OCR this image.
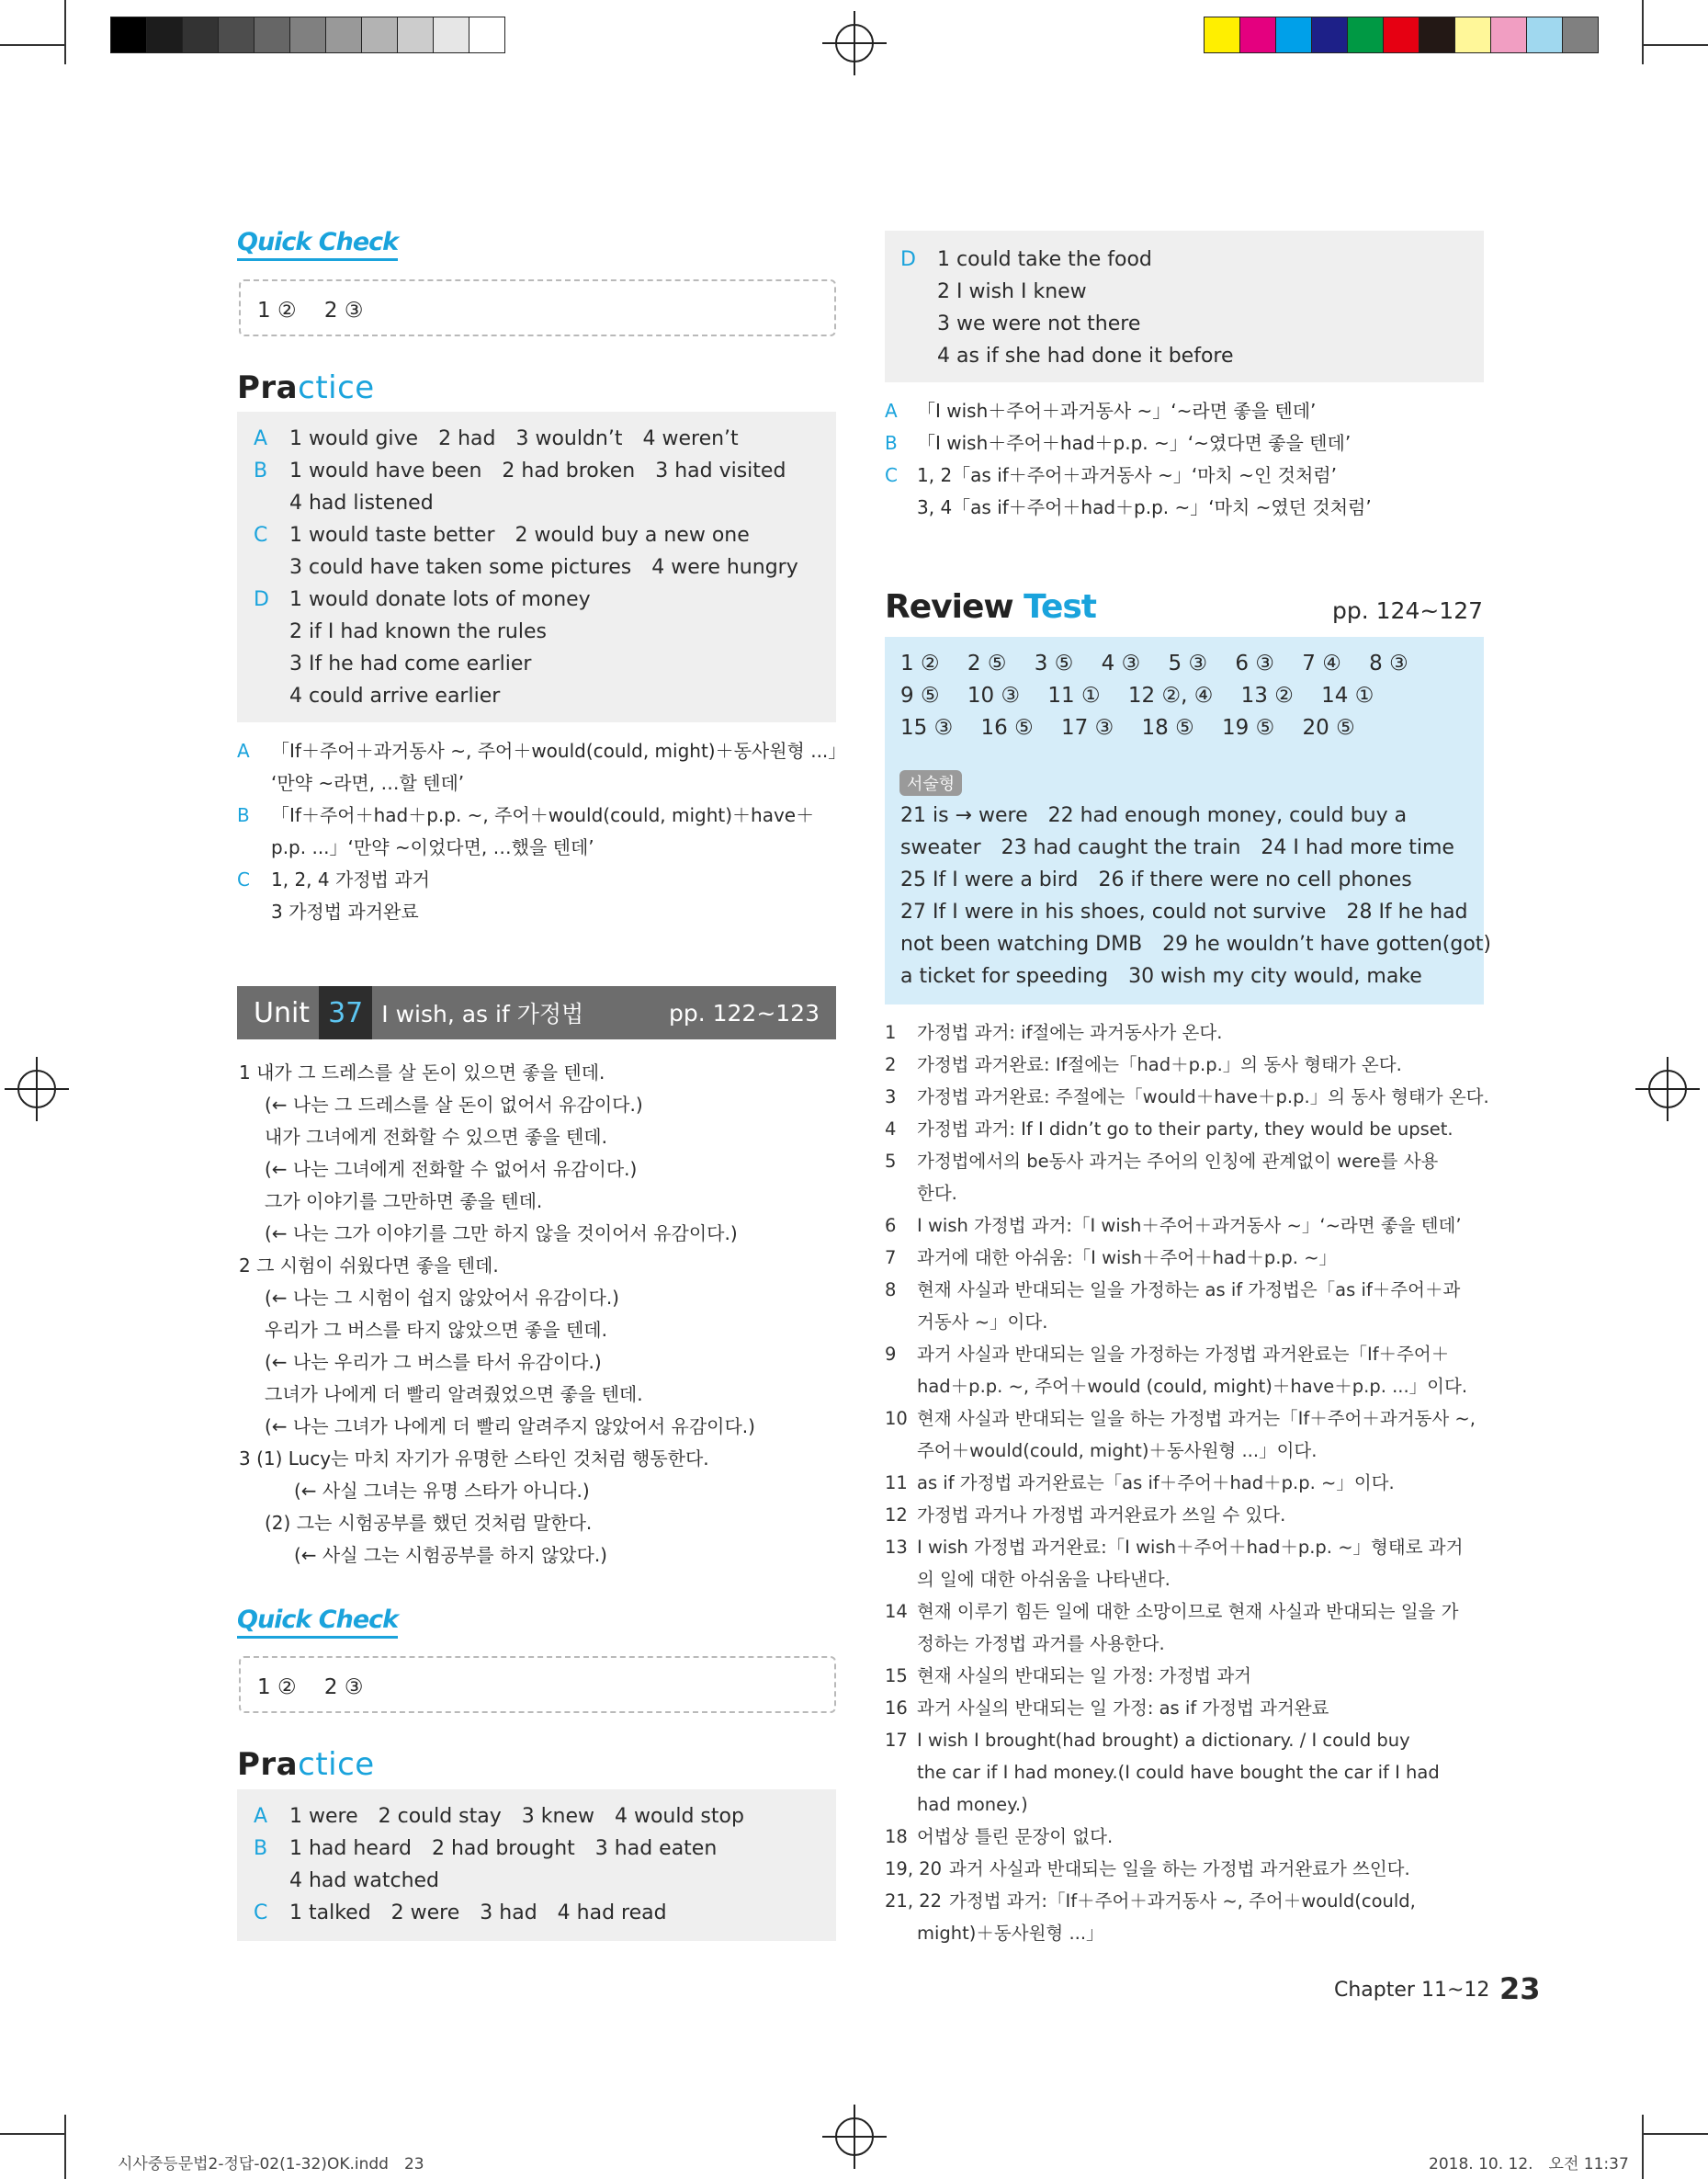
Quick Check
1 ②　 2 ③
Practice
A 1 would give　2 had　3 wouldn’t　4 weren’t
B 1 would have been　2 had broken　3 had visited
4 had listened
C 1 would taste better　2 would buy a new one
3 could have taken some pictures　4 were hungry
D 1 would donate lots of money
2 if I had known the rules
3 If he had come earlier
4 could arrive earlier
A 「If＋주어＋과거동사 ~, 주어＋would(could, might)＋동사원형 ...」
‘만약 ~라면, …할 텐데’
B 「If＋주어＋had＋p.p. ~, 주어＋would(could, might)＋have＋
p.p. ...」‘만약 ~이었다면, …했을 텐데’
C 1, 2, 4 가정법 과거
3 가정법 과거완료
Unit 37 I wish, as if 가정법	pp. 122~123
1 내가 그 드레스를 살 돈이 있으면 좋을 텐데.
(← 나는 그 드레스를 살 돈이 없어서 유감이다.)
내가 그녀에게 전화할 수 있으면 좋을 텐데.
(← 나는 그녀에게 전화할 수 없어서 유감이다.)
그가 이야기를 그만하면 좋을 텐데.
(← 나는 그가 이야기를 그만 하지 않을 것이어서 유감이다.)
2 그 시험이 쉬웠다면 좋을 텐데.
(← 나는 그 시험이 쉽지 않았어서 유감이다.)
우리가 그 버스를 타지 않았으면 좋을 텐데.
(← 나는 우리가 그 버스를 타서 유감이다.)
그녀가 나에게 더 빨리 알려줬었으면 좋을 텐데.
(← 나는 그녀가 나에게 더 빨리 알려주지 않았어서 유감이다.)
3 (1) Lucy는 마치 자기가 유명한 스타인 것처럼 행동한다.
(← 사실 그녀는 유명 스타가 아니다.)
(2) 그는 시험공부를 했던 것처럼 말한다.
(← 사실 그는 시험공부를 하지 않았다.)
Quick Check
1 ②　 2 ③
Practice
A 1 were　2 could stay　3 knew　4 would stop
B 1 had heard　2 had brought　3 had eaten
4 had watched
C 1 talked　2 were　3 had　4 had read
D 1 could take the food
2 I wish I knew
3 we were not there
4 as if she had done it before
A 「I wish＋주어＋과거동사 ~」‘~라면 좋을 텐데’
B 「I wish＋주어＋had＋p.p. ~」‘~였다면 좋을 텐데’
C 1, 2「as if＋주어＋과거동사 ~」‘마치 ~인 것처럼’
3, 4「as if＋주어＋had＋p.p. ~」‘마치 ~였던 것처럼’
Review Test	pp. 124~127
1 ②　 2 ⑤　 3 ⑤　 4 ③　 5 ③　 6 ③　 7 ④　 8 ③
9 ⑤　 10 ③　 11 ①　 12 ②, ④　 13 ②　 14 ①
15 ③　 16 ⑤　 17 ③　 18 ⑤　 19 ⑤　 20 ⑤
서술형
21 is → were　22 had enough money, could buy a
sweater　23 had caught the train　24 I had more time
25 If I were a bird　26 if there were no cell phones
27 If I were in his shoes, could not survive　28 If he had
not been watching DMB　29 he wouldn’t have gotten(got)
a ticket for speeding　30 wish my city would, make
1 가정법 과거: if절에는 과거동사가 온다.
2 가정법 과거완료: If절에는「had＋p.p.」의 동사 형태가 온다.
3 가정법 과거완료: 주절에는「would＋have＋p.p.」의 동사 형태가 온다.
4 가정법 과거: If I didn’t go to their party, they would be upset.
5 가정법에서의 be동사 과거는 주어의 인칭에 관계없이 were를 사용
한다.
6 I wish 가정법 과거:「I wish＋주어＋과거동사 ~」‘~라면 좋을 텐데’
7 과거에 대한 아쉬움:「I wish＋주어＋had＋p.p. ~」
8 현재 사실과 반대되는 일을 가정하는 as if 가정법은「as if＋주어＋과
거동사 ~」이다.
9 과거 사실과 반대되는 일을 가정하는 가정법 과거완료는「If＋주어＋
had＋p.p. ~, 주어＋would (could, might)＋have＋p.p. ...」이다.
10 현재 사실과 반대되는 일을 하는 가정법 과거는「If＋주어＋과거동사 ~,
주어＋would(could, might)＋동사원형 ...」이다.
11 as if 가정법 과거완료는「as if＋주어＋had＋p.p. ~」이다.
12 가정법 과거나 가정법 과거완료가 쓰일 수 있다.
13 I wish 가정법 과거완료:「I wish＋주어＋had＋p.p. ~」형태로 과거
의 일에 대한 아쉬움을 나타낸다.
14 현재 이루기 힘든 일에 대한 소망이므로 현재 사실과 반대되는 일을 가
정하는 가정법 과거를 사용한다.
15 현재 사실의 반대되는 일 가정: 가정법 과거
16 과거 사실의 반대되는 일 가정: as if 가정법 과거완료
17 I wish I brought(had brought) a dictionary. / I could buy
the car if I had money.(I could have bought the car if I had
had money.)
18 어법상 틀린 문장이 없다.
19, 20 과거 사실과 반대되는 일을 하는 가정법 과거완료가 쓰인다.
21, 22 가정법 과거:「If＋주어＋과거동사 ~, 주어＋would(could,
might)＋동사원형 ...」
Chapter 11~12 23
시사중등문법2-정답-02(1-32)OK.indd　23	2018. 10. 12.　오전 11:37
